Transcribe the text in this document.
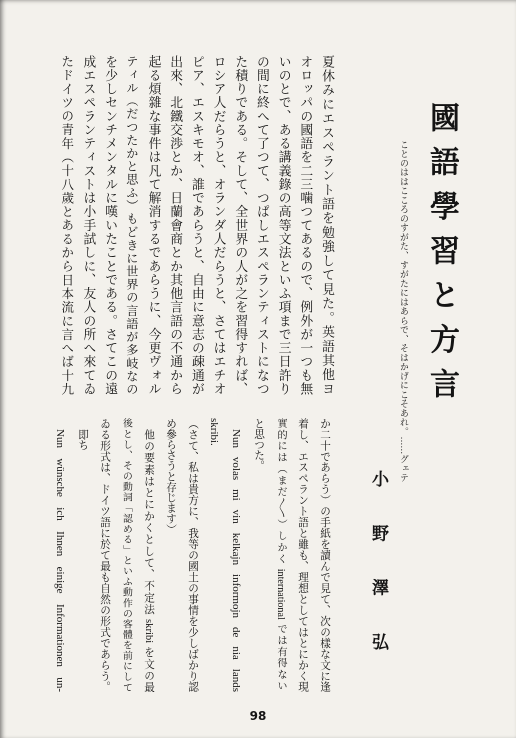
國語學習と方言
ことのははこころのすがた、すがたにはあらで、そはかげにこそあれ。……グェテ
小野澤弘
夏休みにエスペラント語を勉強して見た。英語其他ヨ
オロッパの國語を二三噛つてあるので、例外が一つも無
いのとで、ある講義錄の高等文法といふ項まで三日許り
の間に終へて了つて、つぱしエスペランティストになつ
た積りである。そして、全世界の人が之を習得すれば、
ロシア人だらうと、オランダ人だらうと、さてはエチオ
ピア、エスキモオ、誰であらうと、自由に意志の疎通が
出來、北鐵交渉とか、日蘭會商とか其他言語の不通から
起る煩雜な事件は凡て解消するであらうに、今更ヴォル
ティル（だつたかと思ふ）もどきに世界の言語が多岐なの
を少しセンチメンタルに嘆いたことである。さてこの遠
成エスペランティストは小手試しに、友人の所へ來てゐ
たドイツの青年（十八歲とあるから日本流に言へば十九
か二十であらう）の手紙を讀んで見て、次の樣な文に逢
着し、エスペラント語と雖も、理想としてはとにかく現
實的には（まだ〳〵）しかく international では有得ない
と思つた。
Nun volas mi vin kelkajn informojn de nia lands
skribi.
（さて、私は貴方に、我等の國土の事情を少しばかり認
め參らさうと存じます）
他の要素はとにかくとして、不定法 skribi を文の最
後とし、その動詞「認める」といふ動作の客體を前にして
ゐる形式は、ドイツ語に於て最も自然の形式であらう。
即ち
Nun wünsche ich Ihnen einige Informationen un-
98
